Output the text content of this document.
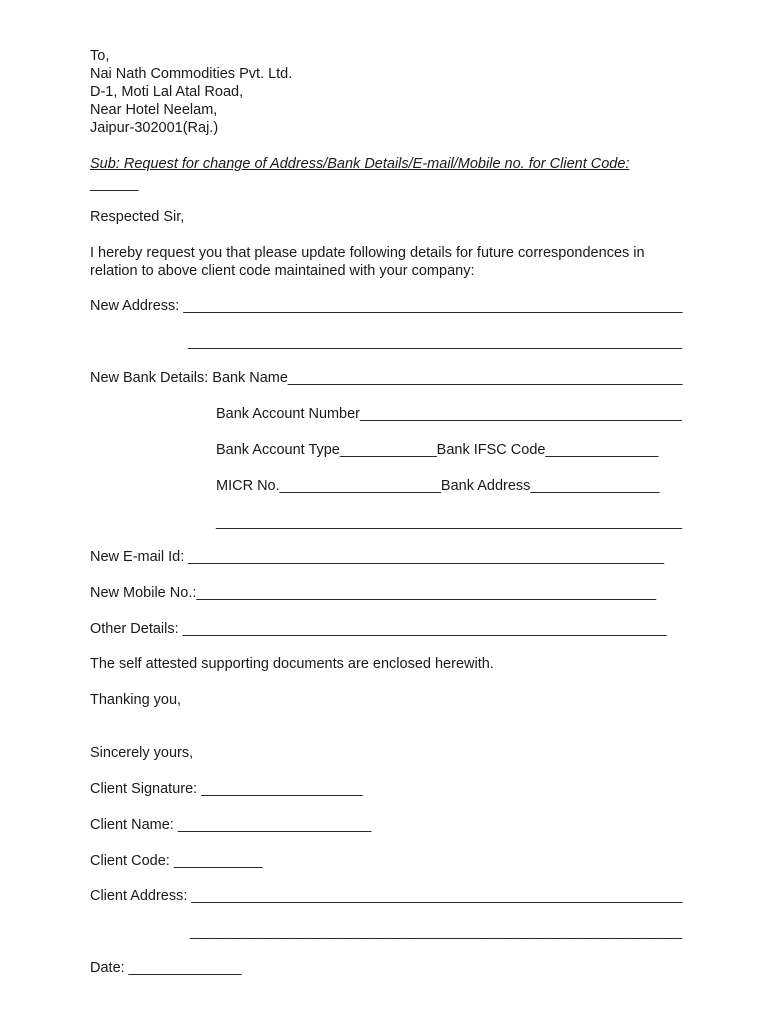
To,
Nai Nath Commodities Pvt. Ltd.
D-1, Moti Lal Atal Road,
Near Hotel Neelam,
Jaipur-302001(Raj.)
Sub: Request for change of Address/Bank Details/E-mail/Mobile no. for Client Code:
______
Respected Sir,
I hereby request you that please update following details for future correspondences in
relation to above client code maintained with your company:
New Address: ______________________________________________________________
______________________________________________________________
New Bank Details: Bank Name_________________________________________________
Bank Account Number________________________________________
Bank Account Type____________Bank IFSC Code______________
MICR No.____________________Bank Address________________
______________________________________________________________
New E-mail Id: ___________________________________________________________
New Mobile No.:_________________________________________________________
Other Details: ____________________________________________________________
The self attested supporting documents are enclosed herewith.
Thanking you,
Sincerely yours,
Client Signature: ____________________
Client Name: ________________________
Client Code: ___________
Client Address: _____________________________________________________________
_____________________________________________________________
Date: ______________
